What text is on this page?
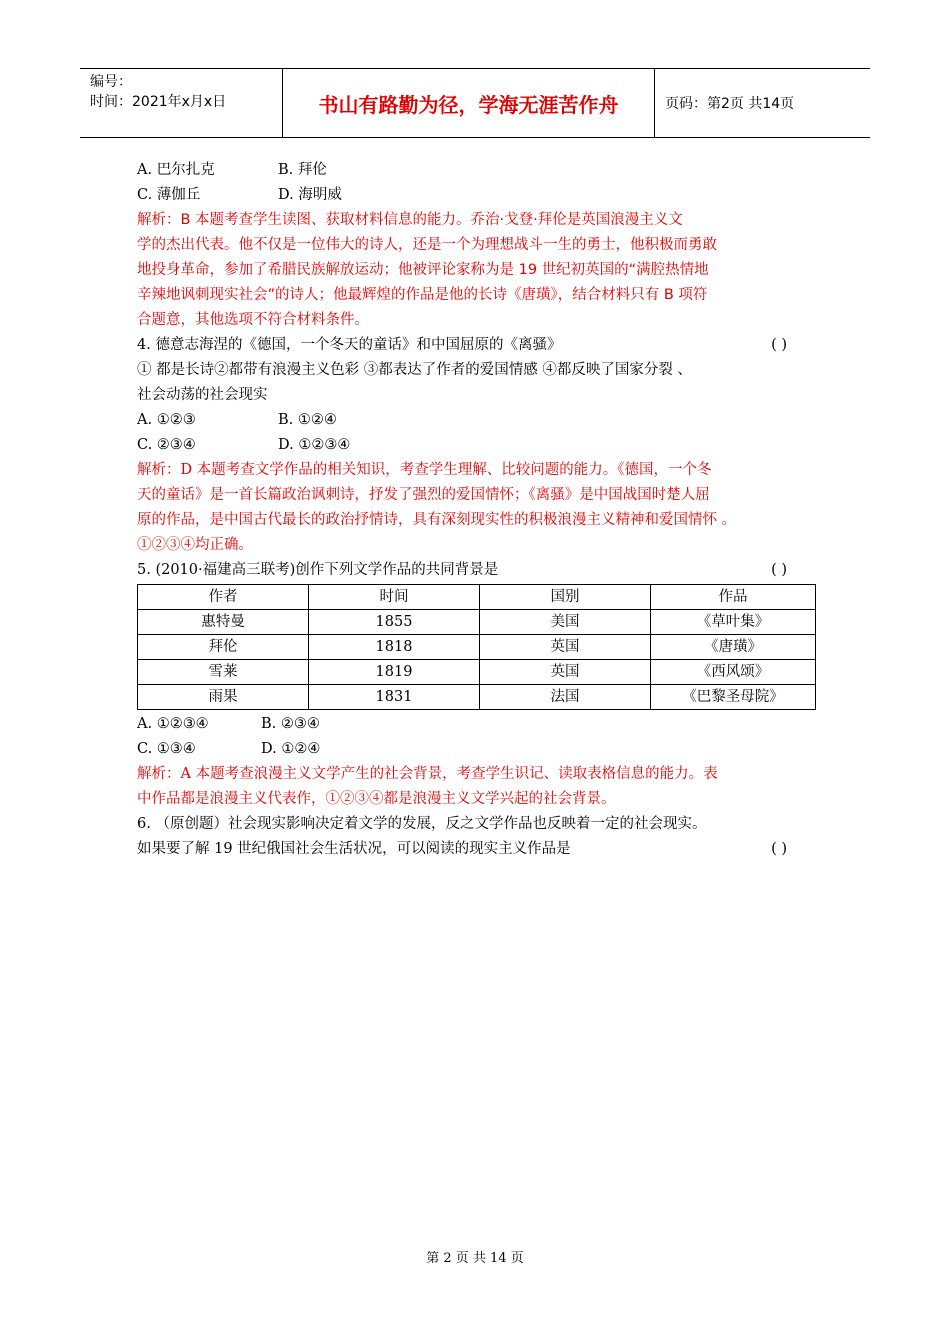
编号：
时间：2021年x月x日	书山有路勤为径，学海无涯苦作舟	页码：第2页 共14页
A. 巴尔扎克	B. 拜伦
C. 薄伽丘	D. 海明威
解析：B 本题考查学生读图、获取材料信息的能力。乔治·戈登·拜伦是英国浪漫主义文
学的杰出代表。他不仅是一位伟大的诗人，还是一个为理想战斗一生的勇士，他积极而勇敢
地投身革命，参加了希腊民族解放运动；他被评论家称为是 19 世纪初英国的“满腔热情地
辛辣地讽刺现实社会”的诗人；他最辉煌的作品是他的长诗《唐璜》，结合材料只有 B 项符
合题意，其他选项不符合材料条件。
4. 德意志海涅的《德国，一个冬天的童话》和中国屈原的《离骚》	( )
① 都是长诗②都带有浪漫主义色彩 ③都表达了作者的爱国情感 ④都反映了国家分裂 、
社会动荡的社会现实
A. ①②③	B. ①②④
C. ②③④	D. ①②③④
解析：D 本题考查文学作品的相关知识，考查学生理解、比较问题的能力。《德国，一个冬
天的童话》是一首长篇政治讽刺诗，抒发了强烈的爱国情怀；《离骚》是中国战国时楚人屈
原的作品，是中国古代最长的政治抒情诗，具有深刻现实性的积极浪漫主义精神和爱国情怀 。
①②③④均正确。
5. (2010·福建高三联考)创作下列文学作品的共同背景是	( )
作者	时间	国别	作品
惠特曼	1855	美国	《草叶集》
拜伦	1818	英国	《唐璜》
雪莱	1819	英国	《西风颂》
雨果	1831	法国	《巴黎圣母院》
A. ①②③④	B. ②③④
C. ①③④	D. ①②④
解析：A 本题考查浪漫主义文学产生的社会背景，考查学生识记、读取表格信息的能力。表
中作品都是浪漫主义代表作，①②③④都是浪漫主义文学兴起的社会背景。
6. （原创题）社会现实影响决定着文学的发展，反之文学作品也反映着一定的社会现实。
如果要了解 19 世纪俄国社会生活状况，可以阅读的现实主义作品是	( )
第 2 页 共 14 页
